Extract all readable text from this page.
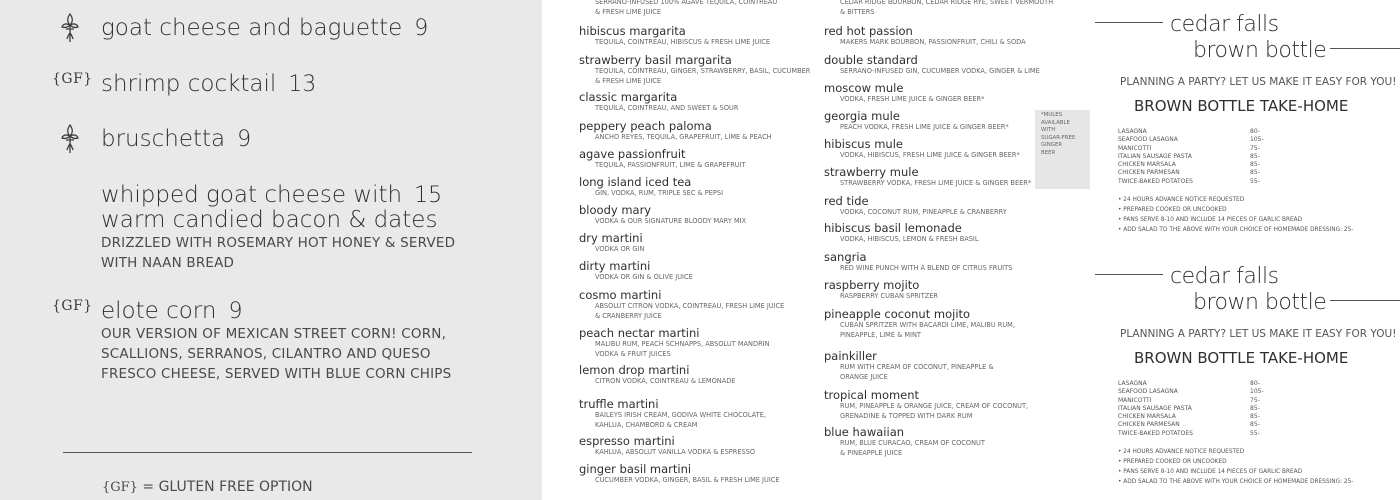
goat cheese and baguette 9
{GF} shrimp cocktail 13
bruschetta 9
whipped goat cheese with 15
warm candied bacon & dates
DRIZZLED WITH ROSEMARY HOT HONEY & SERVED
WITH NAAN BREAD
{GF} elote corn 9
OUR VERSION OF MEXICAN STREET CORN! CORN,
SCALLIONS, SERRANOS, CILANTRO AND QUESO
FRESCO CHEESE, SERVED WITH BLUE CORN CHIPS
{GF} = GLUTEN FREE OPTION
SERRANO-INFUSED 100% AGAVE TEQUILA, COINTREAU
& FRESH LIME JUICE
hibiscus margarita
TEQUILA, COINTREAU, HIBISCUS & FRESH LIME JUICE
strawberry basil margarita
TEQUILA, COINTREAU, GINGER, STRAWBERRY, BASIL, CUCUMBER
& FRESH LIME JUICE
classic margarita
TEQUILA, COINTREAU, AND SWEET & SOUR
peppery peach paloma
ANCHO REYES, TEQUILA, GRAPEFRUIT, LIME & PEACH
agave passionfruit
TEQUILA, PASSIONFRUIT, LIME & GRAPEFRUIT
long island iced tea
GIN, VODKA, RUM, TRIPLE SEC & PEPSI
bloody mary
VODKA & OUR SIGNATURE BLOODY MARY MIX
dry martini
VODKA OR GIN
dirty martini
VODKA OR GIN & OLIVE JUICE
cosmo martini
ABSOLUT CITRON VODKA, COINTREAU, FRESH LIME JUICE
& CRANBERRY JUICE
peach nectar martini
MALIBU RUM, PEACH SCHNAPPS, ABSOLUT MANDRIN
VODKA & FRUIT JUICES
lemon drop martini
CITRON VODKA, COINTREAU & LEMONADE
truffle martini
BAILEYS IRISH CREAM, GODIVA WHITE CHOCOLATE,
KAHLUA, CHAMBORD & CREAM
espresso martini
KAHLUA, ABSOLUT VANILLA VODKA & ESPRESSO
ginger basil martini
CUCUMBER VODKA, GINGER, BASIL & FRESH LIME JUICE
CEDAR RIDGE BOURBON, CEDAR RIDGE RYE, SWEET VERMOUTH
& BITTERS
red hot passion
MAKERS MARK BOURBON, PASSIONFRUIT, CHILI & SODA
double standard
SERRANO-INFUSED GIN, CUCUMBER VODKA, GINGER & LIME
moscow mule
VODKA, FRESH LIME JUICE & GINGER BEER*
georgia mule
PEACH VODKA, FRESH LIME JUICE & GINGER BEER*
hibiscus mule
VODKA, HIBISCUS, FRESH LIME JUICE & GINGER BEER*
strawberry mule
STRAWBERRY VODKA, FRESH LIME JUICE & GINGER BEER*
red tide
VODKA, COCONUT RUM, PINEAPPLE & CRANBERRY
hibiscus basil lemonade
VODKA, HIBISCUS, LEMON & FRESH BASIL
sangria
RED WINE PUNCH WITH A BLEND OF CITRUS FRUITS
raspberry mojito
RASPBERRY CUBAN SPRITZER
pineapple coconut mojito
CUBAN SPRITZER WITH BACARDI LIME, MALIBU RUM,
PINEAPPLE, LIME & MINT
painkiller
RUM WITH CREAM OF COCONUT, PINEAPPLE &
ORANGE JUICE
tropical moment
RUM, PINEAPPLE & ORANGE JUICE, CREAM OF COCONUT,
GRENADINE & TOPPED WITH DARK RUM
blue hawaiian
RUM, BLUE CURACAO, CREAM OF COCONUT
& PINEAPPLE JUICE
*MULES
AVAILABLE
WITH
SUGAR-FREE
GINGER
BEER
cedar falls
brown bottle
PLANNING A PARTY? LET US MAKE IT EASY FOR YOU!
BROWN BOTTLE TAKE-HOME
LASAGNA	80-
SEAFOOD LASAGNA	105-
MANICOTTI	75-
ITALIAN SAUSAGE PASTA	85-
CHICKEN MARSALA	85-
CHICKEN PARMESAN	85-
TWICE-BAKED POTATOES	55-
• 24 HOURS ADVANCE NOTICE REQUESTED
• PREPARED COOKED OR UNCOOKED
• PANS SERVE 8-10 AND INCLUDE 14 PIECES OF GARLIC BREAD
• ADD SALAD TO THE ABOVE WITH YOUR CHOICE OF HOMEMADE DRESSING: 25-
cedar falls
brown bottle
PLANNING A PARTY? LET US MAKE IT EASY FOR YOU!
BROWN BOTTLE TAKE-HOME
LASAGNA	80-
SEAFOOD LASAGNA	105-
MANICOTTI	75-
ITALIAN SAUSAGE PASTA	85-
CHICKEN MARSALA	85-
CHICKEN PARMESAN	85-
TWICE-BAKED POTATOES	55-
• 24 HOURS ADVANCE NOTICE REQUESTED
• PREPARED COOKED OR UNCOOKED
• PANS SERVE 8-10 AND INCLUDE 14 PIECES OF GARLIC BREAD
• ADD SALAD TO THE ABOVE WITH YOUR CHOICE OF HOMEMADE DRESSING: 25-
